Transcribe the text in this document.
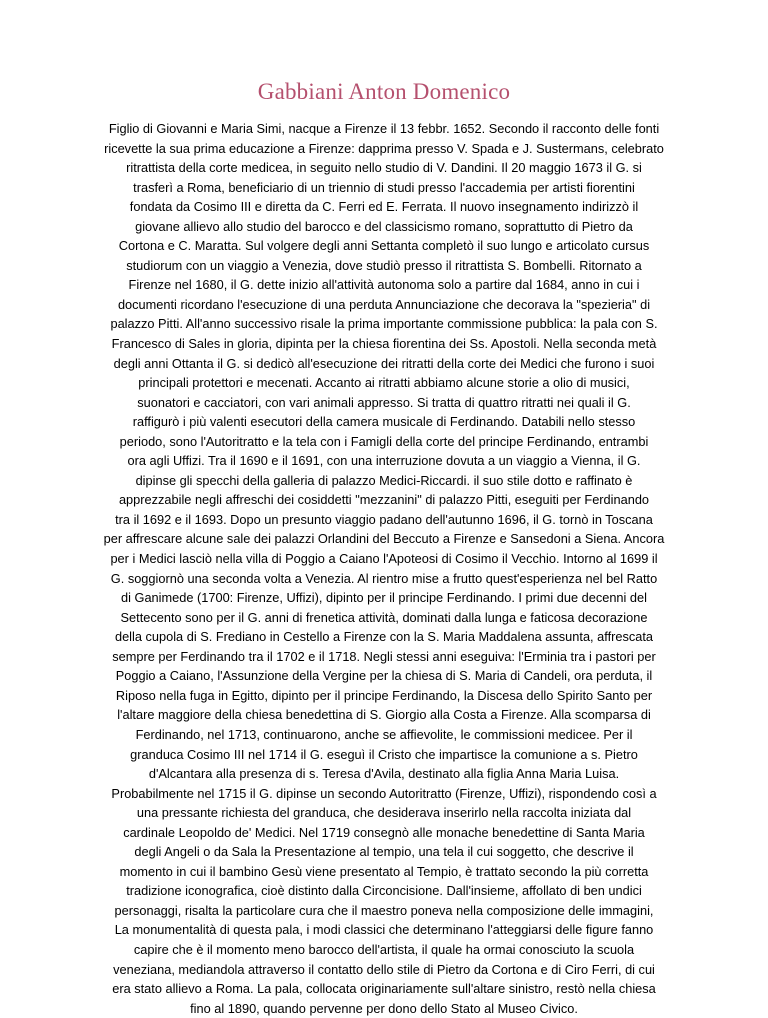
Gabbiani Anton Domenico
Figlio di Giovanni e Maria Simi, nacque a Firenze il 13 febbr. 1652. Secondo il racconto delle fonti
ricevette la sua prima educazione a Firenze: dapprima presso V. Spada e J. Sustermans, celebrato
ritrattista della corte medicea, in seguito nello studio di V. Dandini. Il 20 maggio 1673 il G. si
trasferì a Roma, beneficiario di un triennio di studi presso l'accademia per artisti fiorentini
fondata da Cosimo III e diretta da C. Ferri ed E. Ferrata. Il nuovo insegnamento indirizzò il
giovane allievo allo studio del barocco e del classicismo romano, soprattutto di Pietro da
Cortona e C. Maratta. Sul volgere degli anni Settanta completò il suo lungo e articolato cursus
studiorum con un viaggio a Venezia, dove studiò presso il ritrattista S. Bombelli. Ritornato a
Firenze nel 1680, il G. dette inizio all'attività autonoma solo a partire dal 1684, anno in cui i
documenti ricordano l'esecuzione di una perduta Annunciazione che decorava la "spezieria" di
palazzo Pitti. All'anno successivo risale la prima importante commissione pubblica: la pala con S.
Francesco di Sales in gloria, dipinta per la chiesa fiorentina dei Ss. Apostoli. Nella seconda metà
degli anni Ottanta il G. si dedicò all'esecuzione dei ritratti della corte dei Medici che furono i suoi
principali protettori e mecenati. Accanto ai ritratti abbiamo alcune storie a olio di musici,
suonatori e cacciatori, con vari animali appresso. Si tratta di quattro ritratti nei quali il G.
raffigurò i più valenti esecutori della camera musicale di Ferdinando. Databili nello stesso
periodo, sono l'Autoritratto e la tela con i Famigli della corte del principe Ferdinando, entrambi
ora agli Uffizi. Tra il 1690 e il 1691, con una interruzione dovuta a un viaggio a Vienna, il G.
dipinse gli specchi della galleria di palazzo Medici-Riccardi. il suo stile dotto e raffinato è
apprezzabile negli affreschi dei cosiddetti "mezzanini" di palazzo Pitti, eseguiti per Ferdinando
tra il 1692 e il 1693. Dopo un presunto viaggio padano dell'autunno 1696, il G. tornò in Toscana
per affrescare alcune sale dei palazzi Orlandini del Beccuto a Firenze e Sansedoni a Siena. Ancora
per i Medici lasciò nella villa di Poggio a Caiano l'Apoteosi di Cosimo il Vecchio. Intorno al 1699 il
G. soggiornò una seconda volta a Venezia. Al rientro mise a frutto quest'esperienza nel bel Ratto
di Ganimede (1700: Firenze, Uffizi), dipinto per il principe Ferdinando. I primi due decenni del
Settecento sono per il G. anni di frenetica attività, dominati dalla lunga e faticosa decorazione
della cupola di S. Frediano in Cestello a Firenze con la S. Maria Maddalena assunta, affrescata
sempre per Ferdinando tra il 1702 e il 1718. Negli stessi anni eseguiva: l'Erminia tra i pastori per
Poggio a Caiano, l'Assunzione della Vergine per la chiesa di S. Maria di Candeli, ora perduta, il
Riposo nella fuga in Egitto, dipinto per il principe Ferdinando, la Discesa dello Spirito Santo per
l'altare maggiore della chiesa benedettina di S. Giorgio alla Costa a Firenze. Alla scomparsa di
Ferdinando, nel 1713, continuarono, anche se affievolite, le commissioni medicee. Per il
granduca Cosimo III nel 1714 il G. eseguì il Cristo che impartisce la comunione a s. Pietro
d'Alcantara alla presenza di s. Teresa d'Avila, destinato alla figlia Anna Maria Luisa.
Probabilmente nel 1715 il G. dipinse un secondo Autoritratto (Firenze, Uffizi), rispondendo così a
una pressante richiesta del granduca, che desiderava inserirlo nella raccolta iniziata dal
cardinale Leopoldo de' Medici. Nel 1719 consegnò alle monache benedettine di Santa Maria
degli Angeli o da Sala la Presentazione al tempio, una tela il cui soggetto, che descrive il
momento in cui il bambino Gesù viene presentato al Tempio, è trattato secondo la più corretta
tradizione iconografica, cioè distinto dalla Circoncisione. Dall'insieme, affollato di ben undici
personaggi, risalta la particolare cura che il maestro poneva nella composizione delle immagini,
La monumentalità di questa pala, i modi classici che determinano l'atteggiarsi delle figure fanno
capire che è il momento meno barocco dell'artista, il quale ha ormai conosciuto la scuola
veneziana, mediandola attraverso il contatto dello stile di Pietro da Cortona e di Ciro Ferri, di cui
era stato allievo a Roma. La pala, collocata originariamente sull'altare sinistro, restò nella chiesa
fino al 1890, quando pervenne per dono dello Stato al Museo Civico.
